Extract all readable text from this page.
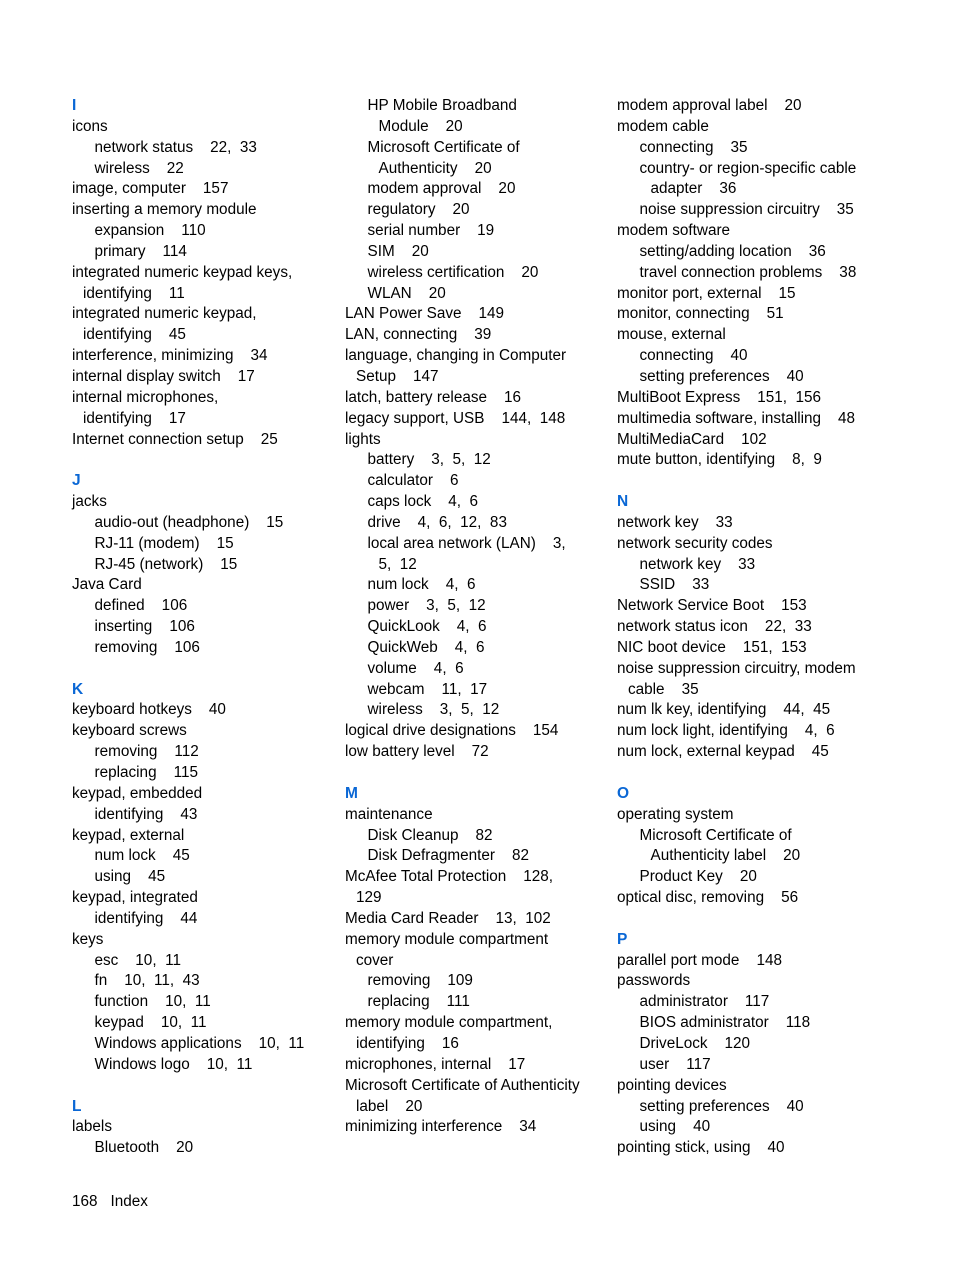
I
icons
network status    22,  33
wireless    22
image, computer    157
inserting a memory module
expansion    110
primary    114
integrated numeric keypad keys,
identifying    11
integrated numeric keypad,
identifying    45
interference, minimizing    34
internal display switch    17
internal microphones,
identifying    17
Internet connection setup    25
J
jacks
audio-out (headphone)    15
RJ-11 (modem)    15
RJ-45 (network)    15
Java Card
defined    106
inserting    106
removing    106
K
keyboard hotkeys    40
keyboard screws
removing    112
replacing    115
keypad, embedded
identifying    43
keypad, external
num lock    45
using    45
keypad, integrated
identifying    44
keys
esc    10,  11
fn    10,  11,  43
function    10,  11
keypad    10,  11
Windows applications    10,  11
Windows logo    10,  11
L
labels
Bluetooth    20
HP Mobile Broadband
Module    20
Microsoft Certificate of
Authenticity    20
modem approval    20
regulatory    20
serial number    19
SIM    20
wireless certification    20
WLAN    20
LAN Power Save    149
LAN, connecting    39
language, changing in Computer
Setup    147
latch, battery release    16
legacy support, USB    144,  148
lights
battery    3,  5,  12
calculator    6
caps lock    4,  6
drive    4,  6,  12,  83
local area network (LAN)    3,
5,  12
num lock    4,  6
power    3,  5,  12
QuickLook    4,  6
QuickWeb    4,  6
volume    4,  6
webcam    11,  17
wireless    3,  5,  12
logical drive designations    154
low battery level    72
M
maintenance
Disk Cleanup    82
Disk Defragmenter    82
McAfee Total Protection    128,
129
Media Card Reader    13,  102
memory module compartment
cover
removing    109
replacing    111
memory module compartment,
identifying    16
microphones, internal    17
Microsoft Certificate of Authenticity
label    20
minimizing interference    34
modem approval label    20
modem cable
connecting    35
country- or region-specific cable
adapter    36
noise suppression circuitry    35
modem software
setting/adding location    36
travel connection problems    38
monitor port, external    15
monitor, connecting    51
mouse, external
connecting    40
setting preferences    40
MultiBoot Express    151,  156
multimedia software, installing    48
MultiMediaCard    102
mute button, identifying    8,  9
N
network key    33
network security codes
network key    33
SSID    33
Network Service Boot    153
network status icon    22,  33
NIC boot device    151,  153
noise suppression circuitry, modem
cable    35
num lk key, identifying    44,  45
num lock light, identifying    4,  6
num lock, external keypad    45
O
operating system
Microsoft Certificate of
Authenticity label    20
Product Key    20
optical disc, removing    56
P
parallel port mode    148
passwords
administrator    117
BIOS administrator    118
DriveLock    120
user    117
pointing devices
setting preferences    40
using    40
pointing stick, using    40
168 Index
